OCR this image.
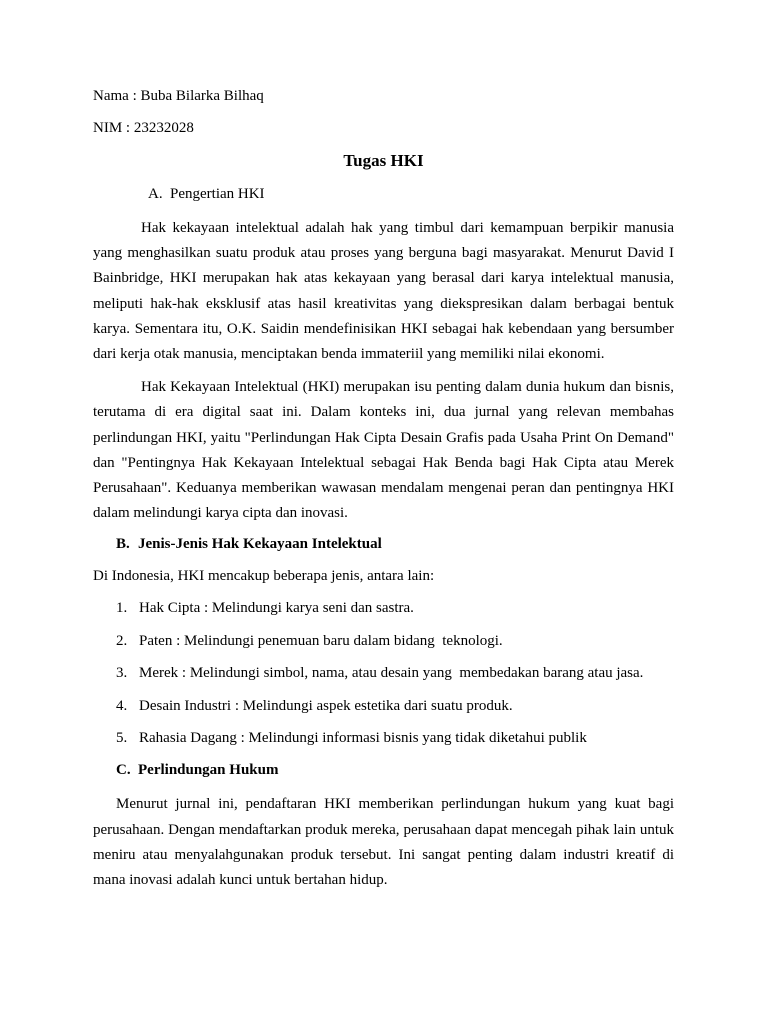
Nama : Buba Bilarka Bilhaq

NIM : 23232028

Tugas HKI
A. Pengertian HKI

Hak kekayaan intelektual adalah hak yang timbul dari kemampuan berpikir manusia yang menghasilkan suatu produk atau proses yang berguna bagi masyarakat. Menurut David I Bainbridge, HKI merupakan hak atas kekayaan yang berasal dari karya intelektual manusia, meliputi hak-hak eksklusif atas hasil kreativitas yang diekspresikan dalam berbagai bentuk karya. Sementara itu, O.K. Saidin mendefinisikan HKI sebagai hak kebendaan yang bersumber dari kerja otak manusia, menciptakan benda immateriil yang memiliki nilai ekonomi.

Hak Kekayaan Intelektual (HKI) merupakan isu penting dalam dunia hukum dan bisnis, terutama di era digital saat ini. Dalam konteks ini, dua jurnal yang relevan membahas perlindungan HKI, yaitu "Perlindungan Hak Cipta Desain Grafis pada Usaha Print On Demand" dan "Pentingnya Hak Kekayaan Intelektual sebagai Hak Benda bagi Hak Cipta atau Merek Perusahaan". Keduanya memberikan wawasan mendalam mengenai peran dan pentingnya HKI dalam melindungi karya cipta dan inovasi.

B. Jenis-Jenis Hak Kekayaan Intelektual
Di Indonesia, HKI mencakup beberapa jenis, antara lain:
1. Hak Cipta : Melindungi karya seni dan sastra.
2. Paten : Melindungi penemuan baru dalam bidang  teknologi.
3. Merek : Melindungi simbol, nama, atau desain yang  membedakan barang atau jasa.
4. Desain Industri : Melindungi aspek estetika dari suatu produk.
5. Rahasia Dagang : Melindungi informasi bisnis yang tidak diketahui publik
C. Perlindungan Hukum

Menurut jurnal ini, pendaftaran HKI memberikan perlindungan hukum yang kuat bagi perusahaan. Dengan mendaftarkan produk mereka, perusahaan dapat mencegah pihak lain untuk meniru atau menyalahgunakan produk tersebut. Ini sangat penting dalam industri kreatif di mana inovasi adalah kunci untuk bertahan hidup.
